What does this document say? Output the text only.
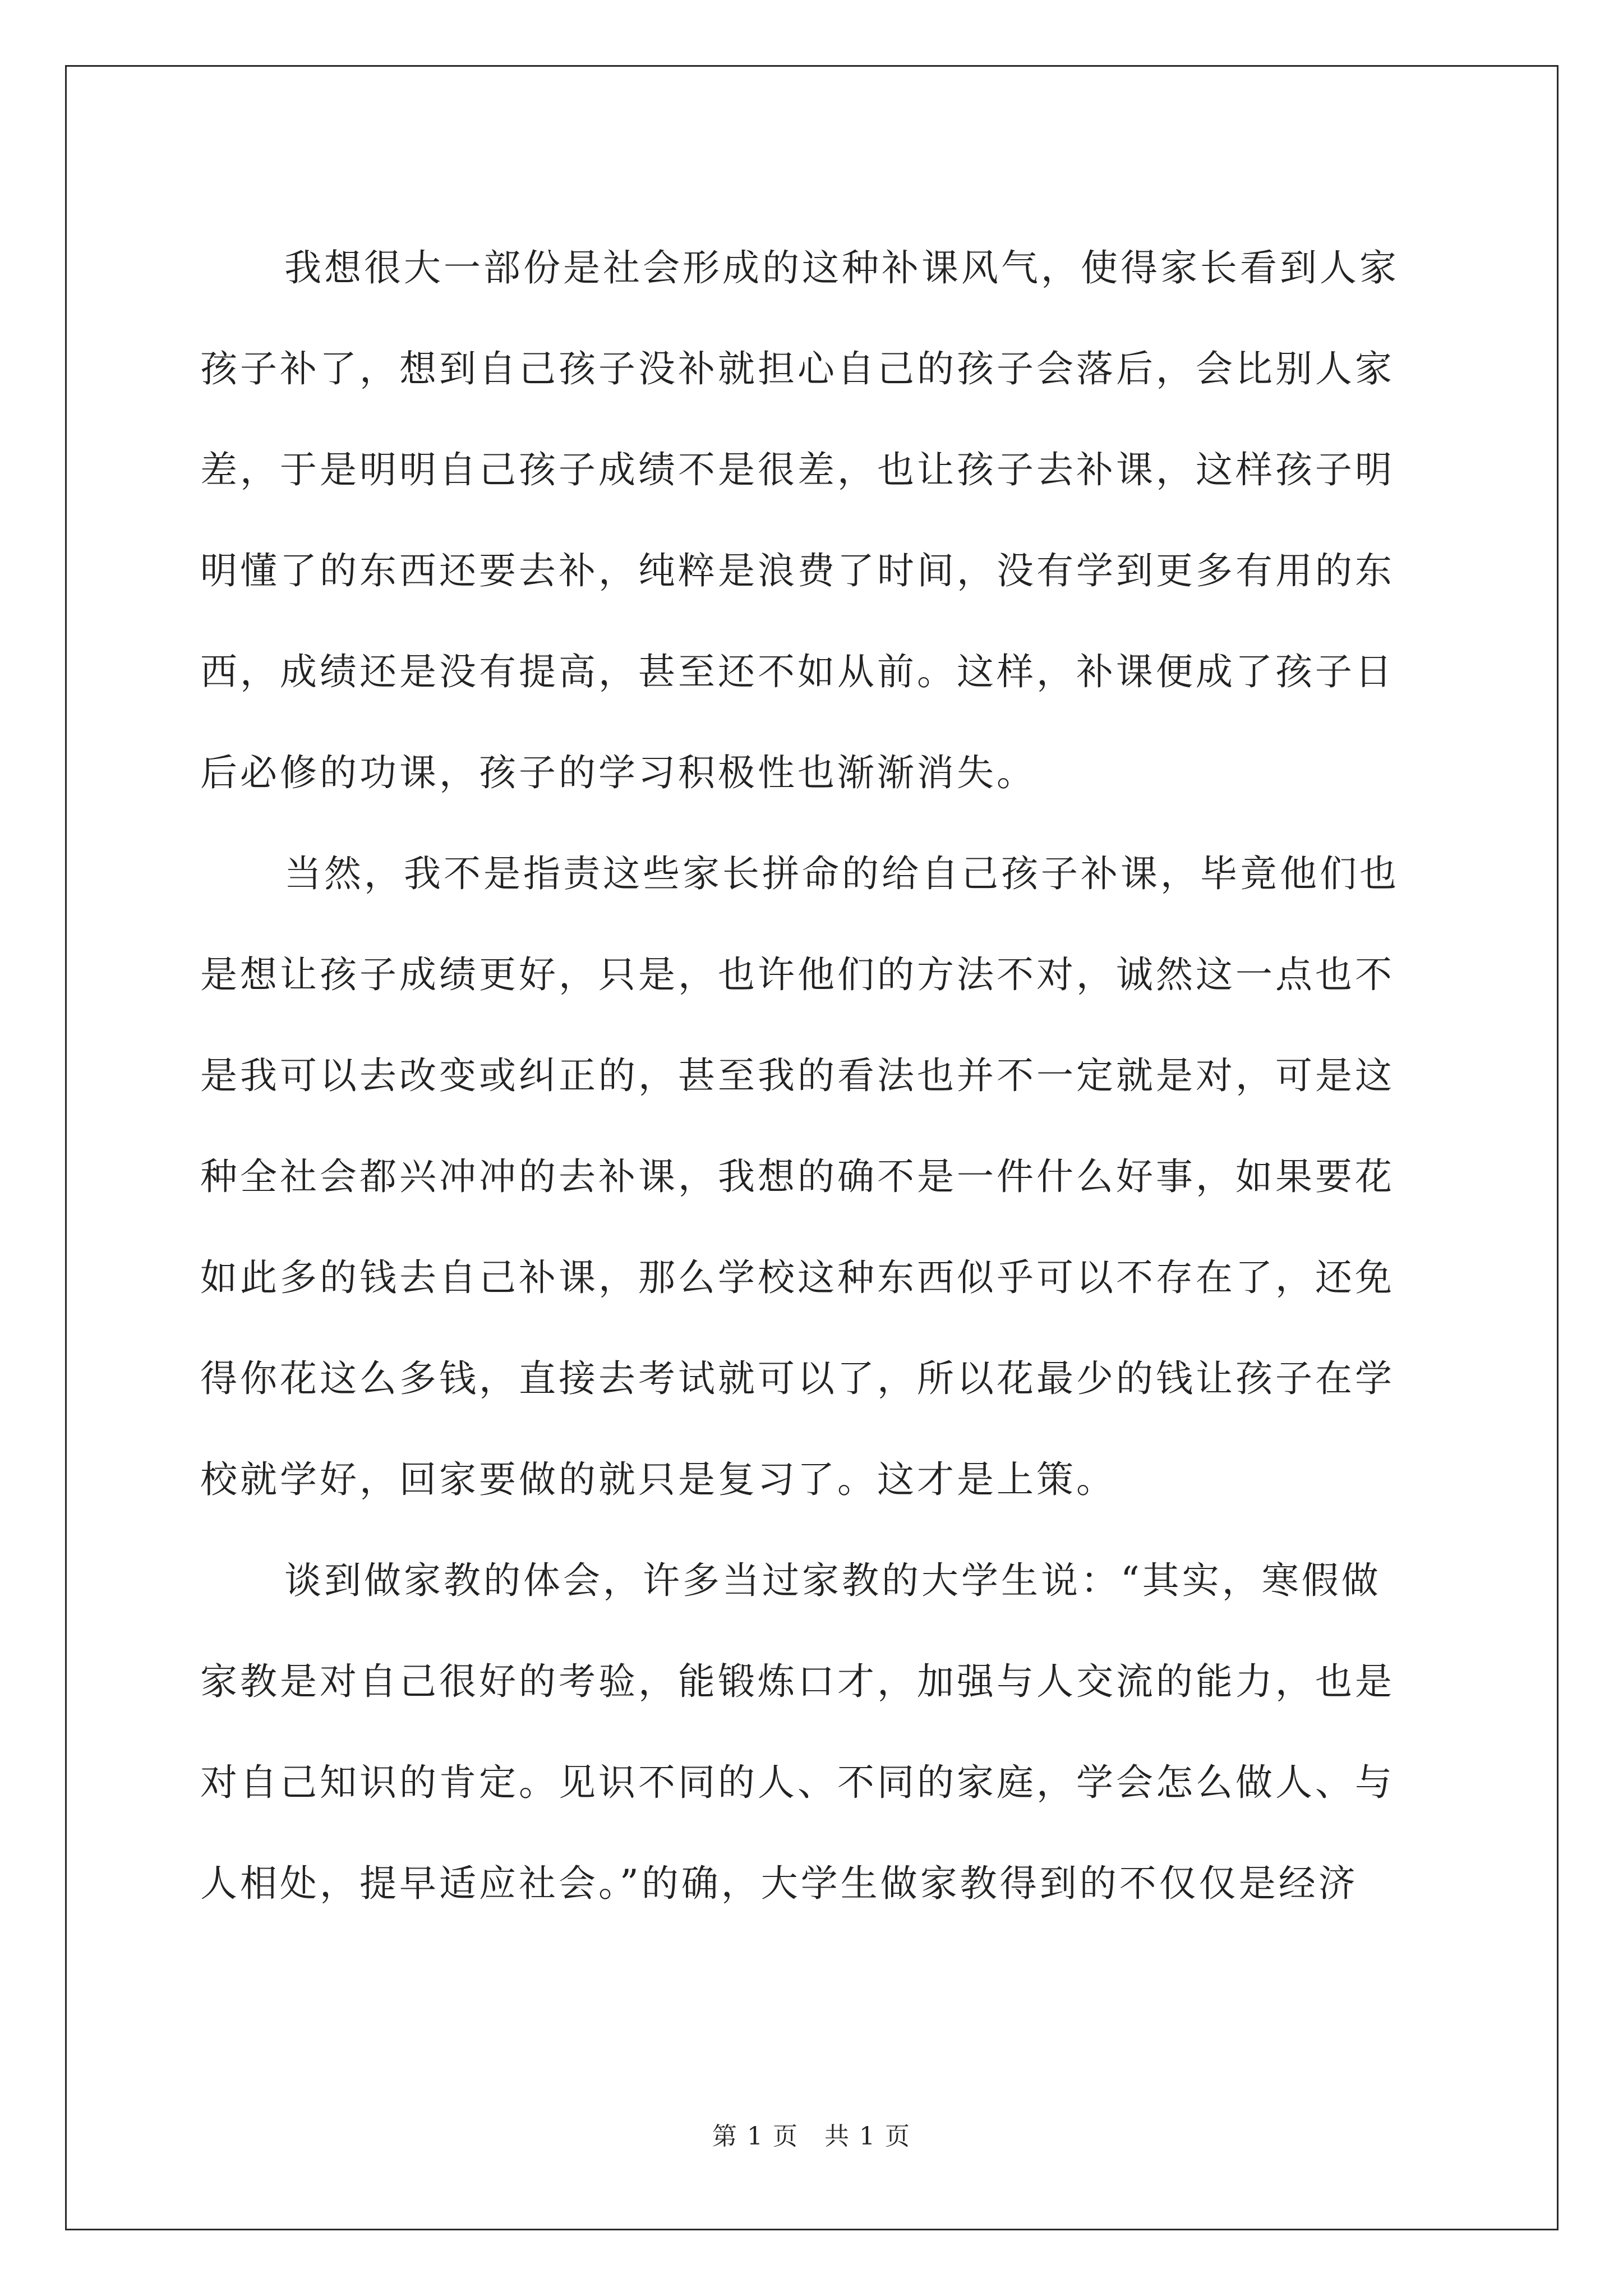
我想很大一部份是社会形成的这种补课风气，使得家长看到人家
孩子补了，想到自己孩子没补就担心自己的孩子会落后，会比别人家
差，于是明明自己孩子成绩不是很差，也让孩子去补课，这样孩子明
明懂了的东西还要去补，纯粹是浪费了时间，没有学到更多有用的东
西，成绩还是没有提高，甚至还不如从前。这样，补课便成了孩子日
后必修的功课，孩子的学习积极性也渐渐消失。

当然，我不是指责这些家长拼命的给自己孩子补课，毕竟他们也
是想让孩子成绩更好，只是，也许他们的方法不对，诚然这一点也不
是我可以去改变或纠正的，甚至我的看法也并不一定就是对，可是这
种全社会都兴冲冲的去补课，我想的确不是一件什么好事，如果要花
如此多的钱去自己补课，那么学校这种东西似乎可以不存在了，还免
得你花这么多钱，直接去考试就可以了，所以花最少的钱让孩子在学
校就学好，回家要做的就只是复习了。这才是上策。

谈到做家教的体会，许多当过家教的大学生说：“其实，寒假做
家教是对自己很好的考验，能锻炼口才，加强与人交流的能力，也是
对自己知识的肯定。见识不同的人、不同的家庭，学会怎么做人、与
人相处，提早适应社会。”的确，大学生做家教得到的不仅仅是经济

第 1 页　共 1 页
